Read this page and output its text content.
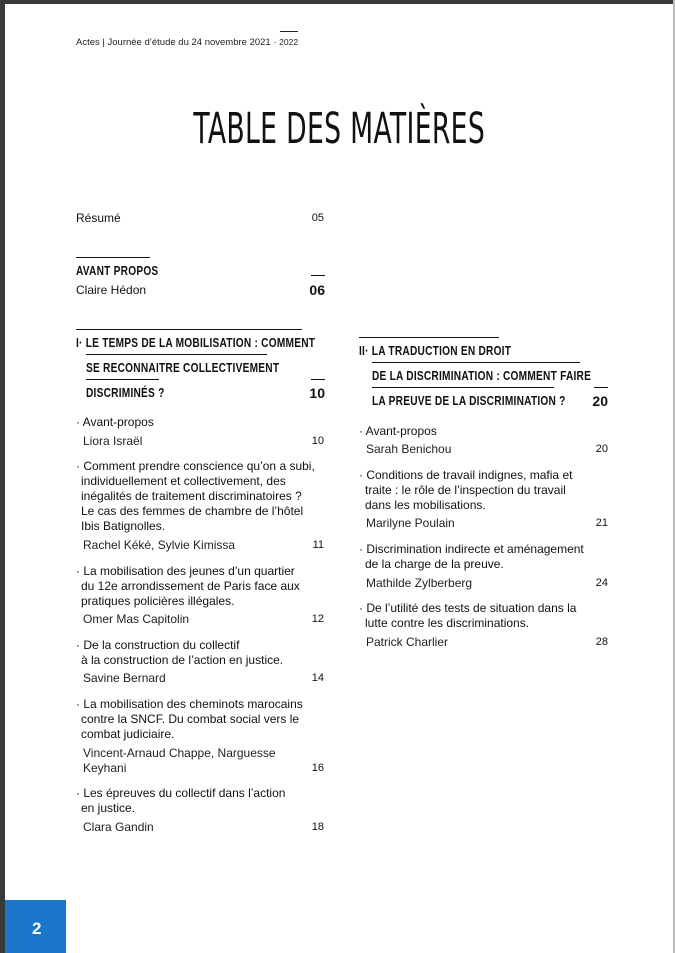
Actes | Journée d’étude du 24 novembre 2021 · 2022
TABLE DES MATIÈRES
Résumé	05
AVANT PROPOS
Claire Hédon	06
I· LE TEMPS DE LA MOBILISATION : COMMENT
SE RECONNAITRE COLLECTIVEMENT
DISCRIMINÉS ?	10
· Avant-propos
Liora Israël	10
· Comment prendre conscience qu’on a subi,
individuellement et collectivement, des
inégalités de traitement discriminatoires ?
Le cas des femmes de chambre de l’hôtel
Ibis Batignolles.
Rachel Kéké, Sylvie Kimissa	11
· La mobilisation des jeunes d’un quartier
du 12e arrondissement de Paris face aux
pratiques policières illégales.
Omer Mas Capitolin	12
· De la construction du collectif
à la construction de l’action en justice.
Savine Bernard	14
· La mobilisation des cheminots marocains
contre la SNCF. Du combat social vers le
combat judiciaire.
Vincent-Arnaud Chappe, Narguesse
Keyhani	16
· Les épreuves du collectif dans l’action
en justice.
Clara Gandin	18
II· LA TRADUCTION EN DROIT
DE LA DISCRIMINATION : COMMENT FAIRE
LA PREUVE DE LA DISCRIMINATION ?	20
· Avant-propos
Sarah Benichou	20
· Conditions de travail indignes, mafia et
traite : le rôle de l’inspection du travail
dans les mobilisations.
Marilyne Poulain	21
· Discrimination indirecte et aménagement
de la charge de la preuve.
Mathilde Zylberberg	24
· De l’utilité des tests de situation dans la
lutte contre les discriminations.
Patrick Charlier	28
2
